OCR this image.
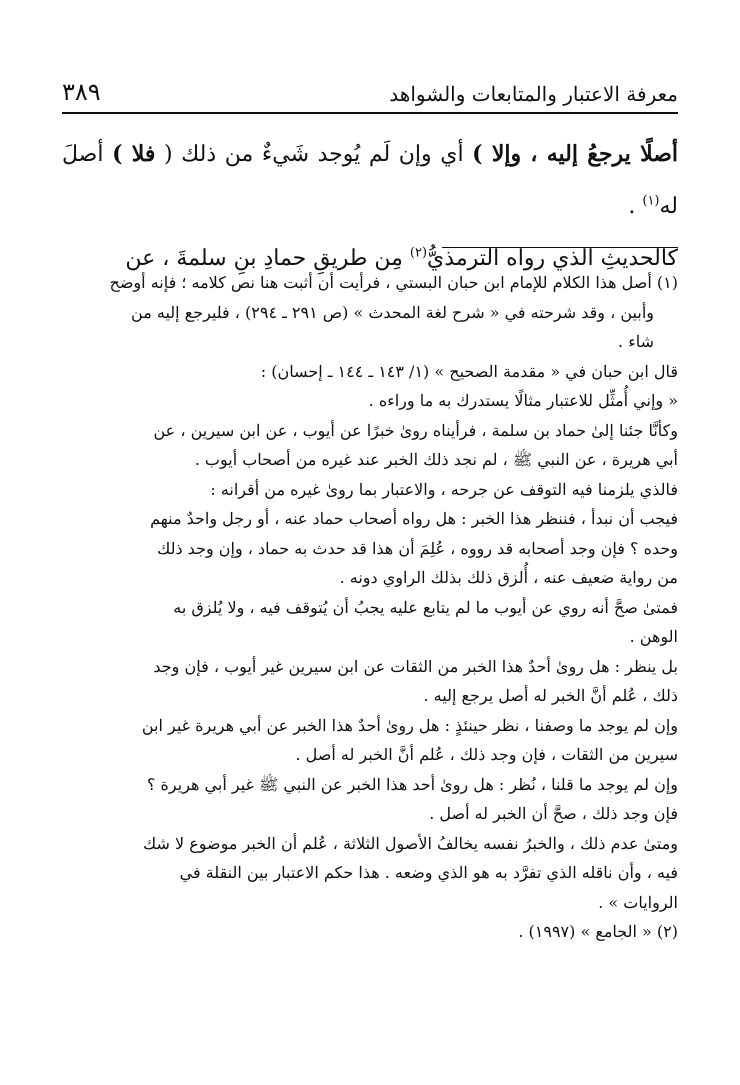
٣٨٩	معرفة الاعتبار والمتابعات والشواهد

أصلًا يرجعُ إليه ، وإلا ) أي وإن لَم يُوجد شَيءٌ من ذلك ( فلا ) أصلَ له$^{(١)}$ .

كالحديثِ الذي رواه الترمذيُّ$^{(٢)}$ مِن طريقِ حمادِ بنِ سلمةَ ، عن

(١) أصل هذا الكلام للإمام ابن حبان البستي ، فرأيت أن أثبت هنا نص كلامه ؛ فإنه أوضح

وأبين ، وقد شرحته في « شرح لغة المحدث » (ص ٢٩١ ـ ٢٩٤) ، فليرجع إليه من

شاء .

قال ابن حبان في « مقدمة الصحيح » (١/ ١٤٣ ـ ١٤٤ ـ إحسان) :

« وإني أُمثِّل للاعتبار مثالًا يستدرك به ما وراءه .

وكأنَّا جئنا إلىٰ حماد بن سلمة ، فرأيناه روىٰ خبرًا عن أيوب ، عن ابن سيرين ، عن

أبي هريرة ، عن النبي ﷺ ، لم نجد ذلك الخبر عند غيره من أصحاب أيوب .

فالذي يلزمنا فيه التوقف عن جرحه ، والاعتبار بما روىٰ غيره من أقرانه :

فيجب أن نبدأ ، فننظر هذا الخبر : هل رواه أصحاب حماد عنه ، أو رجل واحدٌ منهم

وحده ؟ فإن وجد أصحابه قد رووه ، عُلِمَ أن هذا قد حدث به حماد ، وإن وجد ذلك

من رواية ضعيف عنه ، أُلزق ذلك بذلك الراوي دونه .

فمتىٰ صحَّ أنه روي عن أيوب ما لم يتابع عليه يجبُ أن يُتوقف فيه ، ولا يُلزق به

الوهن .

بل ينظر : هل روىٰ أحدٌ هذا الخبر من الثقات عن ابن سيرين غير أيوب ، فإن وجد

ذلك ، عُلم أنَّ الخبر له أصل يرجع إليه .

وإن لم يوجد ما وصفنا ، نظر حينئذٍ : هل روىٰ أحدٌ هذا الخبر عن أبي هريرة غير ابن

سيرين من الثقات ، فإن وجد ذلك ، عُلم أنَّ الخبر له أصل .

وإن لم يوجد ما قلنا ، نُظر : هل روىٰ أحد هذا الخبر عن النبي ﷺ غير أبي هريرة ؟

فإن وجد ذلك ، صحَّ أن الخبر له أصل .

ومتىٰ عدم ذلك ، والخبرُ نفسه يخالفُ الأصول الثلاثة ، عُلم أن الخبر موضوع لا شك

فيه ، وأن ناقله الذي تفرَّد به هو الذي وضعه . هذا حكم الاعتبار بين النقلة في

الروايات » .

(٢) « الجامع » (١٩٩٧) .
